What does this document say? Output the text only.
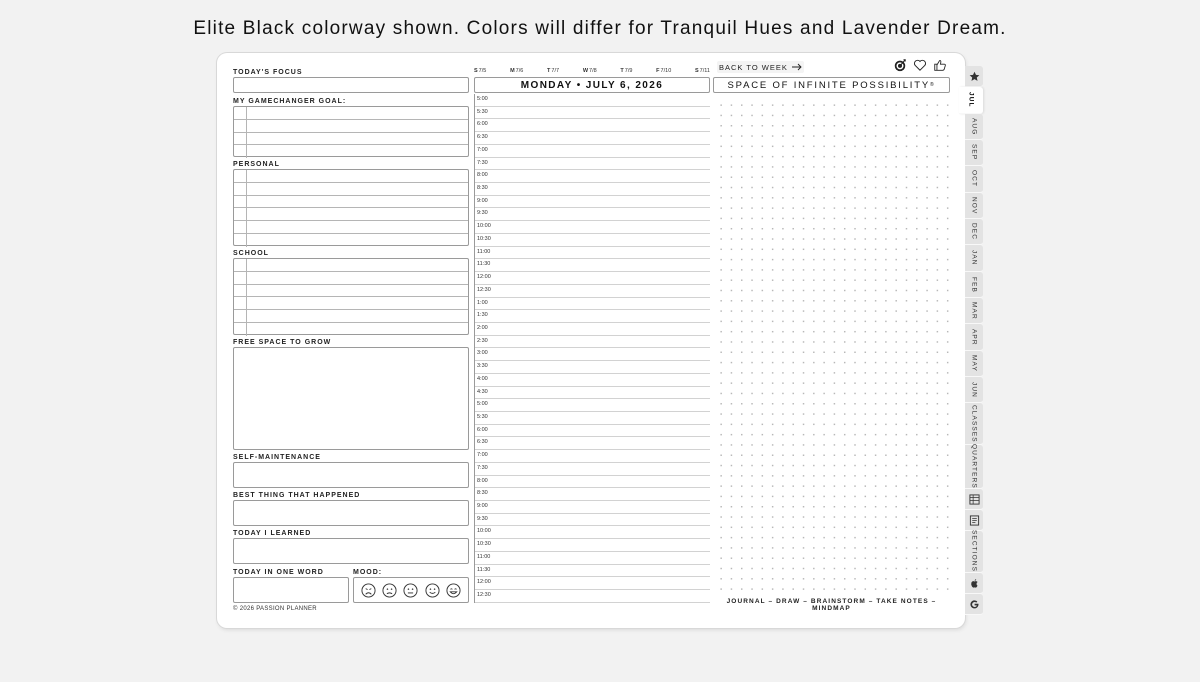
Elite Black colorway shown. Colors will differ for Tranquil Hues and Lavender Dream.
TODAY'S FOCUS
MY GAMECHANGER GOAL:
PERSONAL
SCHOOL
FREE SPACE TO GROW
SELF-MAINTENANCE
BEST THING THAT HAPPENED
TODAY I LEARNED
TODAY IN ONE WORD	MOOD:
© 2026 PASSION PLANNER
S7/5	M7/6	T7/7	W7/8	T7/9	F7/10	S7/11
MONDAY • JULY 6, 2026
5:00
5:30
6:00
6:30
7:00
7:30
8:00
8:30
9:00
9:30
10:00
10:30
11:00
11:30
12:00
12:30
1:00
1:30
2:00
2:30
3:00
3:30
4:00
4:30
5:00
5:30
6:00
6:30
7:00
7:30
8:00
8:30
9:00
9:30
10:00
10:30
11:00
11:30
12:00
12:30
BACK TO WEEK
SPACE OF INFINITE POSSIBILITY ®
JOURNAL – DRAW – BRAINSTORM – TAKE NOTES – MINDMAP
JUL
AUG
SEP
OCT
NOV
DEC
JAN
FEB
MAR
APR
MAY
JUN
CLASSES
QUARTERS
SECTIONS
